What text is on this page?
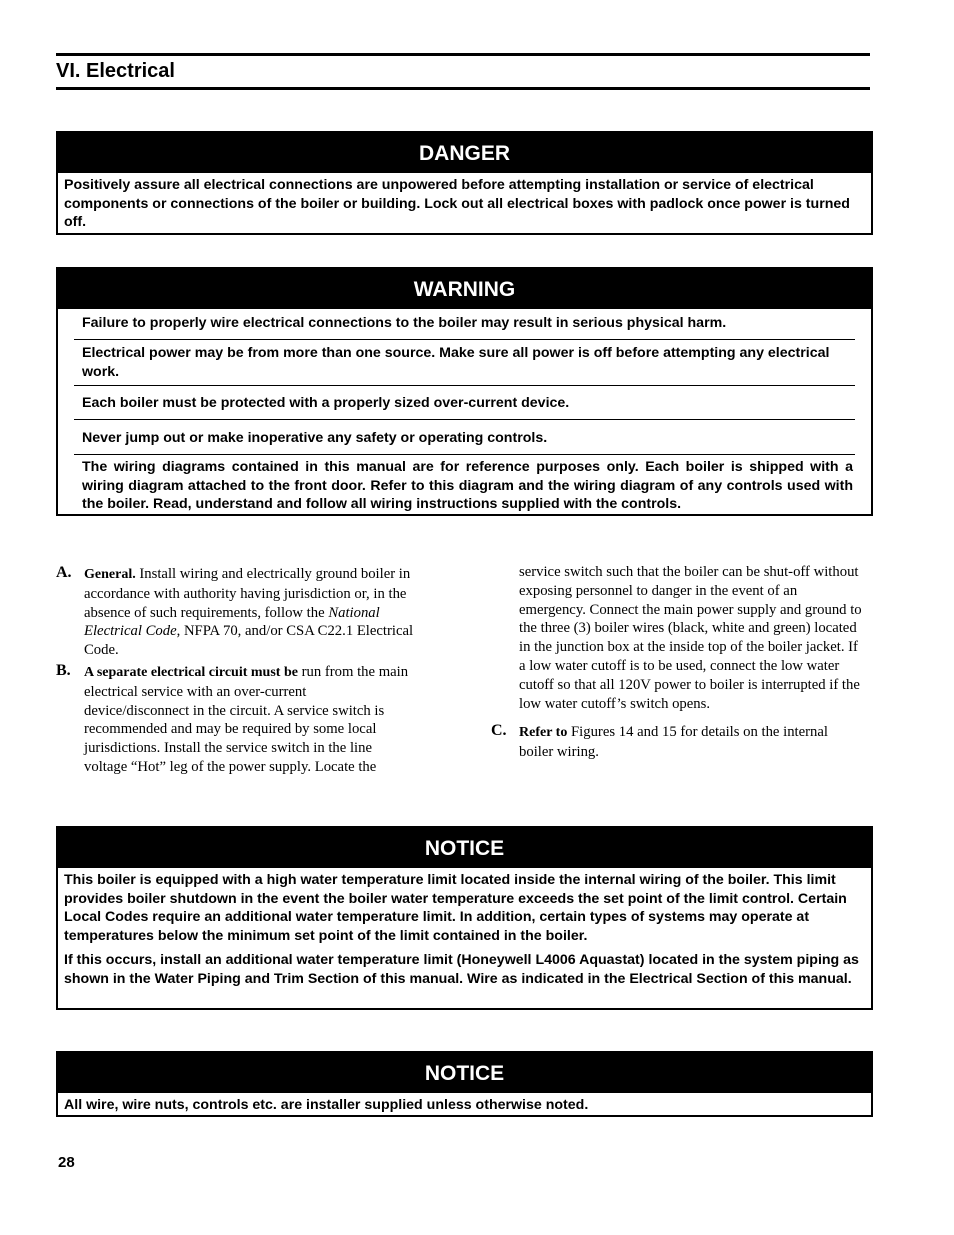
VI. Electrical
DANGER

Positively assure all electrical connections are unpowered before attempting installation or service of electrical components or connections of the boiler or building. Lock out all electrical boxes with padlock once power is turned off.

WARNING
Failure to properly wire electrical connections to the boiler may result in serious physical harm.
Electrical power may be from more than one source. Make sure all power is off before attempting any electrical work.
Each boiler must be protected with a properly sized over-current device.
Never jump out or make inoperative any safety or operating controls.
The wiring diagrams contained in this manual are for reference purposes only. Each boiler is shipped with a wiring diagram attached to the front door. Refer to this diagram and the wiring diagram of any controls used with the boiler. Read, understand and follow all wiring instructions supplied with the controls.
A. General. Install wiring and electrically ground boiler in accordance with authority having jurisdiction or, in the absence of such requirements, follow the National Electrical Code, NFPA 70, and/or CSA C22.1 Electrical Code.
B. A separate electrical circuit must be run from the main electrical service with an over-current device/disconnect in the circuit. A service switch is recommended and may be required by some local jurisdictions. Install the service switch in the line voltage “Hot” leg of the power supply. Locate the
service switch such that the boiler can be shut-off without exposing personnel to danger in the event of an emergency. Connect the main power supply and ground to the three (3) boiler wires (black, white and green) located in the junction box at the inside top of the boiler jacket. If a low water cutoff is to be used, connect the low water cutoff so that all 120V power to boiler is interrupted if the low water cutoff’s switch opens.
C. Refer to Figures 14 and 15 for details on the internal boiler wiring.
NOTICE

This boiler is equipped with a high water temperature limit located inside the internal wiring of the boiler. This limit provides boiler shutdown in the event the boiler water temperature exceeds the set point of the limit control. Certain Local Codes require an additional water temperature limit. In addition, certain types of systems may operate at temperatures below the minimum set point of the limit contained in the boiler.

If this occurs, install an additional water temperature limit (Honeywell L4006 Aquastat) located in the system piping as shown in the Water Piping and Trim Section of this manual. Wire as indicated in the Electrical Section of this manual.

NOTICE

All wire, wire nuts, controls etc. are installer supplied unless otherwise noted.

28
